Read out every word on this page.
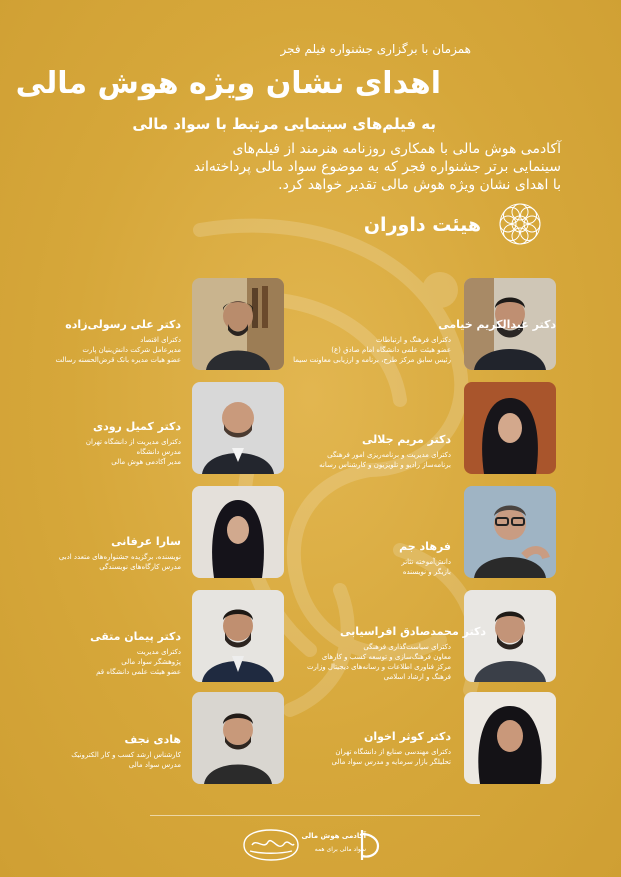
همزمان با برگزاری جشنواره فیلم فجر
اهدای نشان ویژه هوش مالی
به فیلم‌های سینمایی مرتبط با سواد مالی
آکادمی هوش مالی با همکاری روزنامه هنرمند از فیلم‌های
سینمایی برتر جشنواره فجر که به موضوع سواد مالی پرداخته‌اند
با اهدای نشان ویژه هوش مالی تقدیر خواهد کرد.
هیئت داوران
دکتر علی رسولی‌زاده
دکترای اقتصاد
مدیرعامل شرکت دانش‌بنیان پارت
عضو هیات مدیره بانک قرض‌الحسنه رسالت
دکتر کمیل رودی
دکترای مدیریت از دانشگاه تهران
مدرس دانشگاه
مدیر آکادمی هوش مالی
سارا عرفانی
نویسنده، برگزیده جشنواره‌های متعدد ادبی
مدرس کارگاه‌های نویسندگی
دکتر پیمان متقی
دکترای مدیریت
پژوهشگر سواد مالی
عضو هیئت علمی دانشگاه قم
هادی نجف
کارشناس ارشد کسب و کار الکترونیک
مدرس سواد مالی
دکتر عبدالکریم خیامی
دکترای فرهنگ و ارتباطات
عضو هیئت علمی دانشگاه امام صادق (ع)
رئیس سابق مرکز طرح، برنامه و ارزیابی معاونت سیما
دکتر مریم جلالی
دکترای مدیریت و برنامه‌ریزی امور فرهنگی
برنامه‌ساز رادیو و تلویزیون و کارشناس رسانه
فرهاد جم
دانش‌آموخته تئاتر
بازیگر و نویسنده
دکتر محمدصادق افراسیابی
دکترای سیاست‌گذاری فرهنگی
معاون فرهنگ‌سازی و توسعه کسب و کارهای
مرکز فناوری اطلاعات و رسانه‌های دیجیتال وزارت
فرهنگ و ارشاد اسلامی
دکتر کوثر اخوان
دکترای مهندسی صنایع از دانشگاه تهران
تحلیلگر بازار سرمایه و مدرس سواد مالی
آکادمی هوش مالی
سواد مالی برای همه
